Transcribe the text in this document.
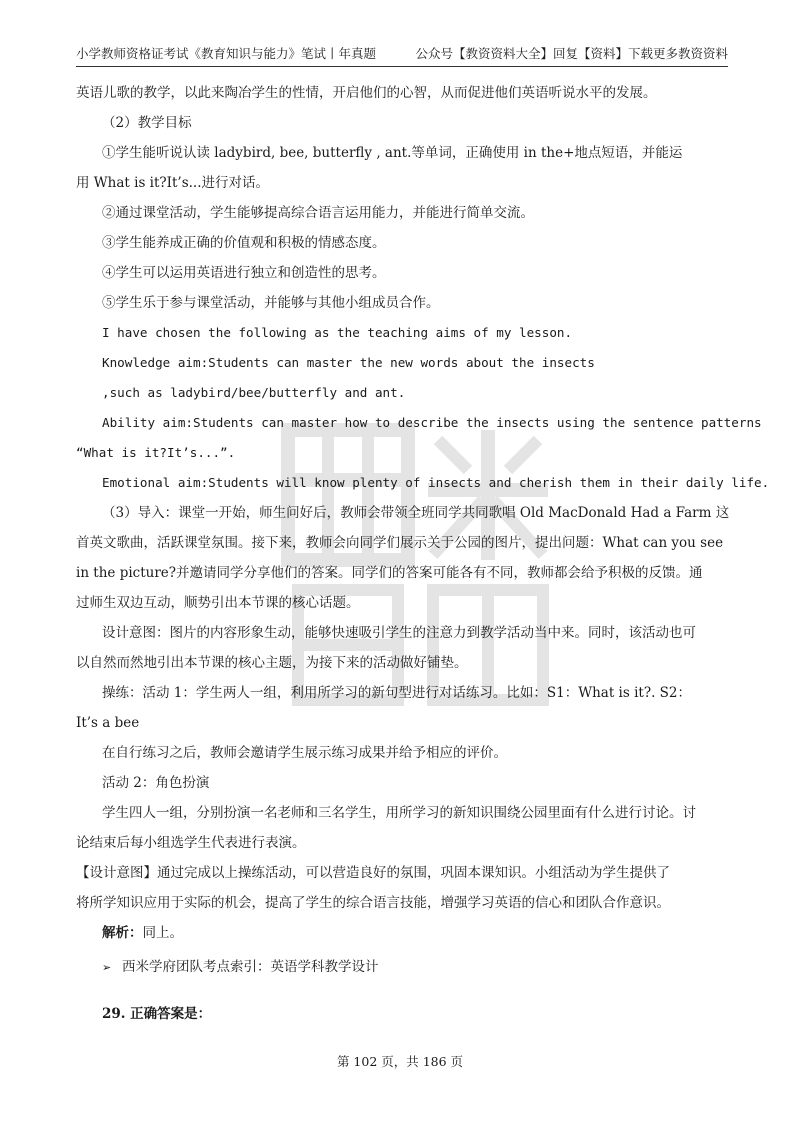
小学教师资格证考试《教育知识与能力》笔试丨年真题	公众号【教资资料大全】回复【资料】下载更多教资资料

英语儿歌的教学，以此来陶冶学生的性情，开启他们的心智，从而促进他们英语听说水平的发展。

（2）教学目标

①学生能听说认读 ladybird, bee, butterfly , ant.等单词，正确使用 in the+地点短语，并能运

用 What is it?It’s...进行对话。

②通过课堂活动，学生能够提高综合语言运用能力，并能进行简单交流。

③学生能养成正确的价值观和积极的情感态度。

④学生可以运用英语进行独立和创造性的思考。

⑤学生乐于参与课堂活动，并能够与其他小组成员合作。

I have chosen the following as the teaching aims of my lesson.

Knowledge aim:Students can master the new words about the insects

,such as ladybird/bee/butterfly and ant.

Ability aim:Students can master how to describe the insects using the sentence patterns

“What is it?It’s...”.

Emotional aim:Students will know plenty of insects and cherish them in their daily life.

（3）导入：课堂一开始，师生问好后，教师会带领全班同学共同歌唱 Old MacDonald Had a Farm 这

首英文歌曲，活跃课堂氛围。接下来，教师会向同学们展示关于公园的图片，提出问题：What can you see

in the picture?并邀请同学分享他们的答案。同学们的答案可能各有不同，教师都会给予积极的反馈。通

过师生双边互动，顺势引出本节课的核心话题。

设计意图：图片的内容形象生动，能够快速吸引学生的注意力到教学活动当中来。同时，该活动也可

以自然而然地引出本节课的核心主题，为接下来的活动做好铺垫。

操练：活动 1：学生两人一组，利用所学习的新句型进行对话练习。比如：S1：What is it?. S2：

It’s a bee

在自行练习之后，教师会邀请学生展示练习成果并给予相应的评价。

活动 2：角色扮演

学生四人一组，分别扮演一名老师和三名学生，用所学习的新知识围绕公园里面有什么进行讨论。讨

论结束后每小组选学生代表进行表演。

【设计意图】通过完成以上操练活动，可以营造良好的氛围，巩固本课知识。小组活动为学生提供了

将所学知识应用于实际的机会，提高了学生的综合语言技能，增强学习英语的信心和团队合作意识。

解析：同上。

➢ 西米学府团队考点索引：英语学科教学设计

29. 正确答案是：

第 102 页，共 186 页
